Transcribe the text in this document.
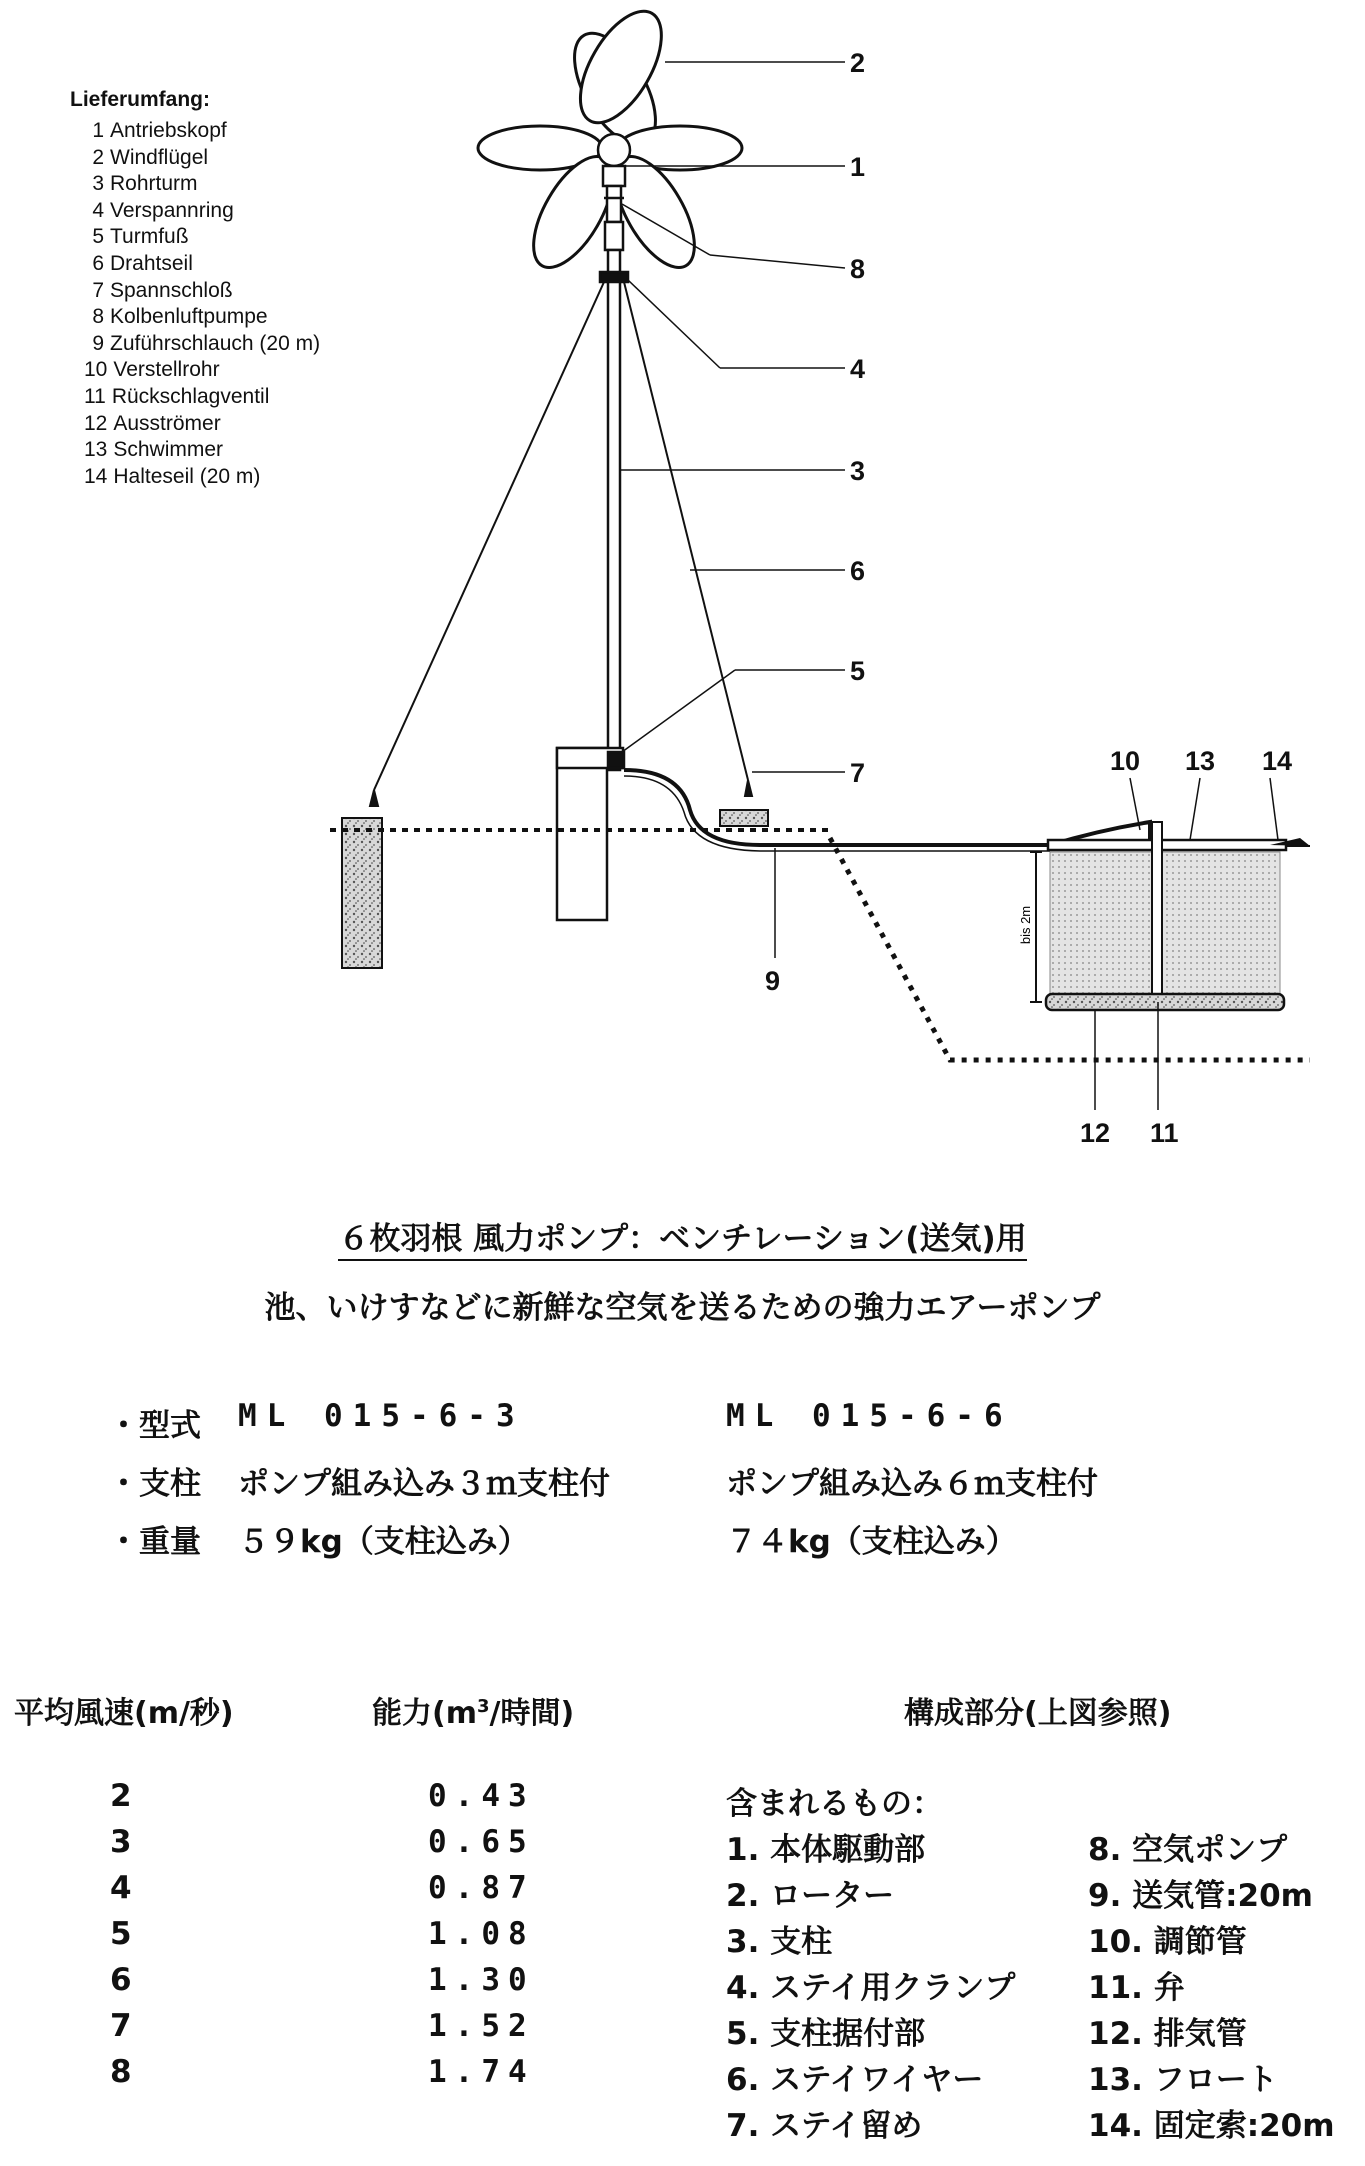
Lieferumfang:
1 Antriebskopf
2 Windflügel
3 Rohrturm
4 Verspannring
5 Turmfuß
6 Drahtseil
7 Spannschloß
8 Kolbenluftpumpe
9 Zuführschlauch (20 m)
10 Verstellrohr
11 Rückschlagventil
12 Ausströmer
13 Schwimmer
14 Halteseil (20 m)
bis 2m
2
1
8
4
3
6
5
7	10 13 14
9
12 11
６枚羽根 風力ポンプ：ベンチレーション(送気)用
池、いけすなどに新鮮な空気を送るための強力エアーポンプ
・型式 ML 015-6-3	ML 015-6-6
・支柱 ポンプ組み込み３ｍ支柱付	ポンプ組み込み６ｍ支柱付
・重量 ５９kg（支柱込み）	７４kg（支柱込み）
平均風速(m/秒)	能力($m^3/$時間)	構成部分(上図参照)
2	0.43
3	0.65
4	0.87
5	1.08
6	1.30
7	1.52
8	1.74
含まれるもの：
1. 本体駆動部
2. ローター
3. 支柱
4. ステイ用クランプ
5. 支柱据付部
6. ステイワイヤー
7. ステイ留め
8. 空気ポンプ
9. 送気管:20m
10. 調節管
11. 弁
12. 排気管
13. フロート
14. 固定索:20m
